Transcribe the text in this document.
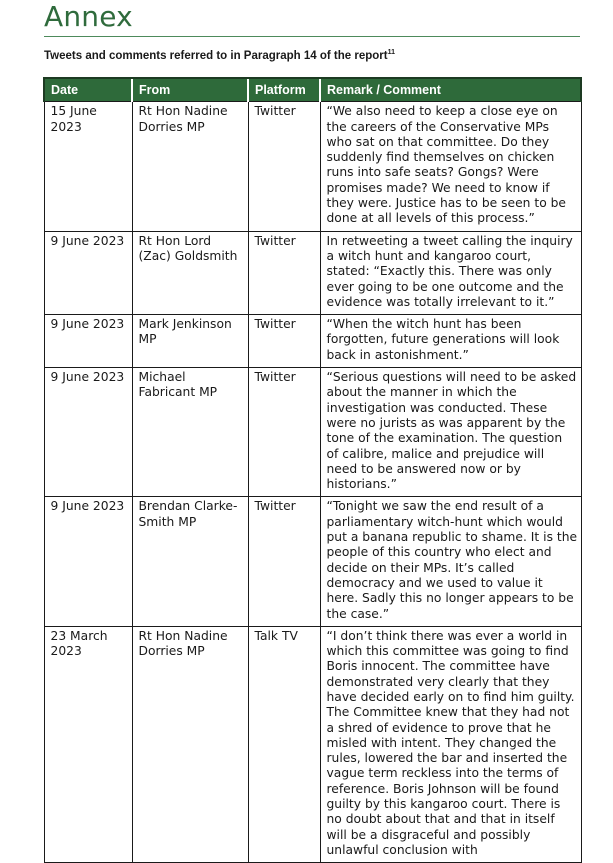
Annex
Tweets and comments referred to in Paragraph 14 of the report$^{11}$
Date	From	Platform	Remark / Comment
15 June 2023	Rt Hon Nadine Dorries MP	Twitter	“We also need to keep a close eye on the careers of the Conservative MPs who sat on that committee. Do they suddenly find themselves on chicken runs into safe seats? Gongs? Were promises made? We need to know if they were. Justice has to be seen to be done at all levels of this process.”
9 June 2023	Rt Hon Lord (Zac) Goldsmith	Twitter	In retweeting a tweet calling the inquiry a witch hunt and kangaroo court, stated: “Exactly this. There was only ever going to be one outcome and the evidence was totally irrelevant to it.”
9 June 2023	Mark Jenkinson MP	Twitter	“When the witch hunt has been forgotten, future generations will look back in astonishment.”
9 June 2023	Michael Fabricant MP	Twitter	“Serious questions will need to be asked about the manner in which the investigation was conducted. These were no jurists as was apparent by the tone of the examination. The question of calibre, malice and prejudice will need to be answered now or by historians.”
9 June 2023	Brendan Clarke-Smith MP	Twitter	“Tonight we saw the end result of a parliamentary witch-hunt which would put a banana republic to shame. It is the people of this country who elect and decide on their MPs. It’s called democracy and we used to value it here. Sadly this no longer appears to be the case.”
23 March 2023	Rt Hon Nadine Dorries MP	Talk TV	“I don’t think there was ever a world in which this committee was going to find Boris innocent. The committee have demonstrated very clearly that they have decided early on to find him guilty. The Committee knew that they had not a shred of evidence to prove that he misled with intent. They changed the rules, lowered the bar and inserted the vague term reckless into the terms of reference. Boris Johnson will be found guilty by this kangaroo court. There is no doubt about that and that in itself will be a disgraceful and possibly unlawful conclusion with
